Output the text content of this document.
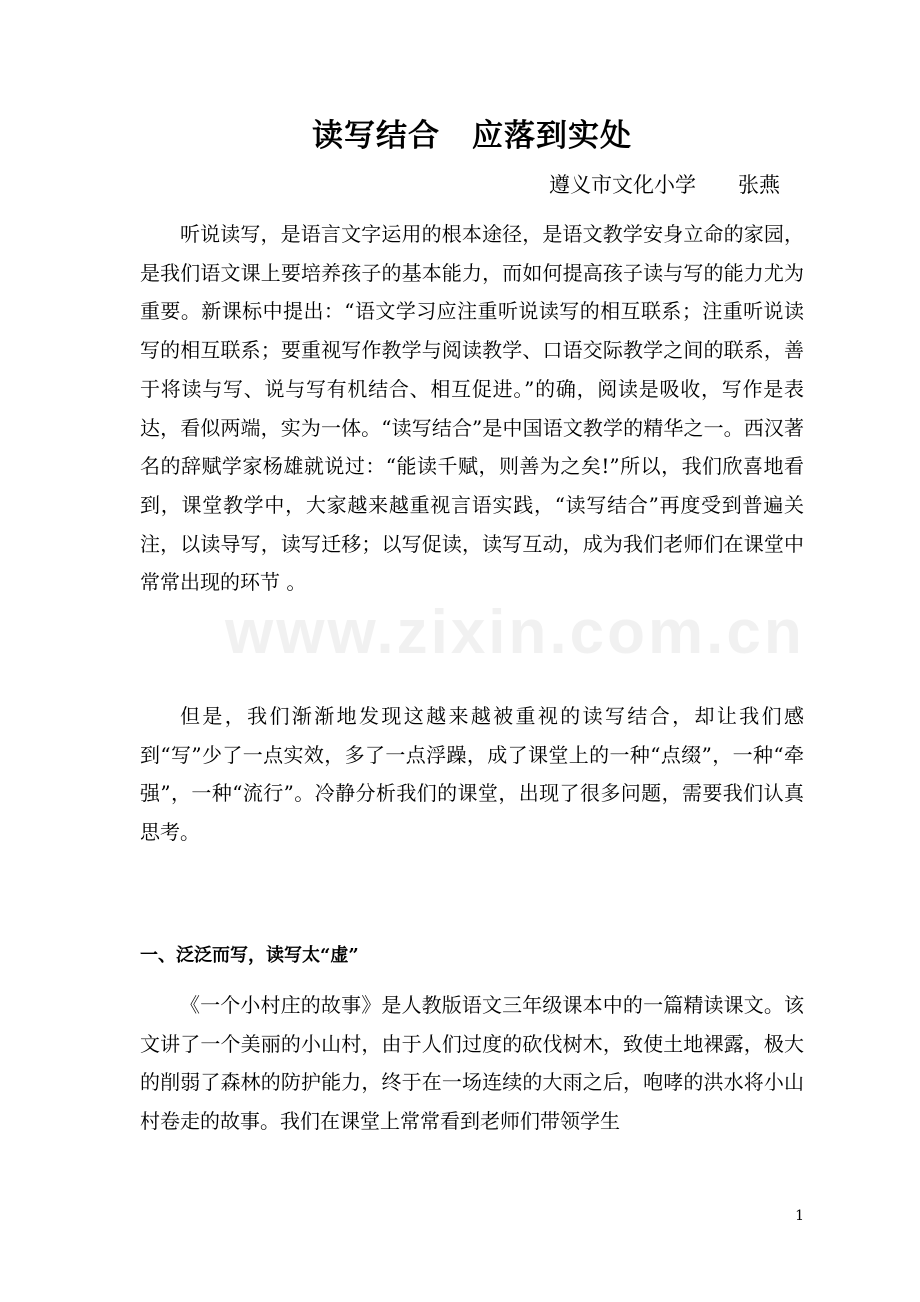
读写结合　应落到实处
遵义市文化小学　　张燕

听说读写，是语言文字运用的根本途径，是语文教学安身立命的家园，是我们语文课上要培养孩子的基本能力，而如何提高孩子读与写的能力尤为重要。新课标中提出：“语文学习应注重听说读写的相互联系；注重听说读写的相互联系；要重视写作教学与阅读教学、口语交际教学之间的联系，善于将读与写、说与写有机结合、相互促进。”的确，阅读是吸收，写作是表达，看似两端，实为一体。“读写结合”是中国语文教学的精华之一。西汉著名的辞赋学家杨雄就说过：“能读千赋，则善为之矣!”所以，我们欣喜地看到，课堂教学中，大家越来越重视言语实践，“读写结合”再度受到普遍关注，以读导写，读写迁移；以写促读，读写互动，成为我们老师们在课堂中常常出现的环节 。

但是，我们渐渐地发现这越来越被重视的读写结合，却让我们感到“写”少了一点实效，多了一点浮躁，成了课堂上的一种“点缀”，一种“牵强”，一种“流行”。冷静分析我们的课堂，出现了很多问题，需要我们认真思考。

一、泛泛而写，读写太“虚”

《一个小村庄的故事》是人教版语文三年级课本中的一篇精读课文。该文讲了一个美丽的小山村，由于人们过度的砍伐树木，致使土地裸露，极大的削弱了森林的防护能力，终于在一场连续的大雨之后，咆哮的洪水将小山村卷走的故事。我们在课堂上常常看到老师们带领学生

www.zixin.com.cn
1
